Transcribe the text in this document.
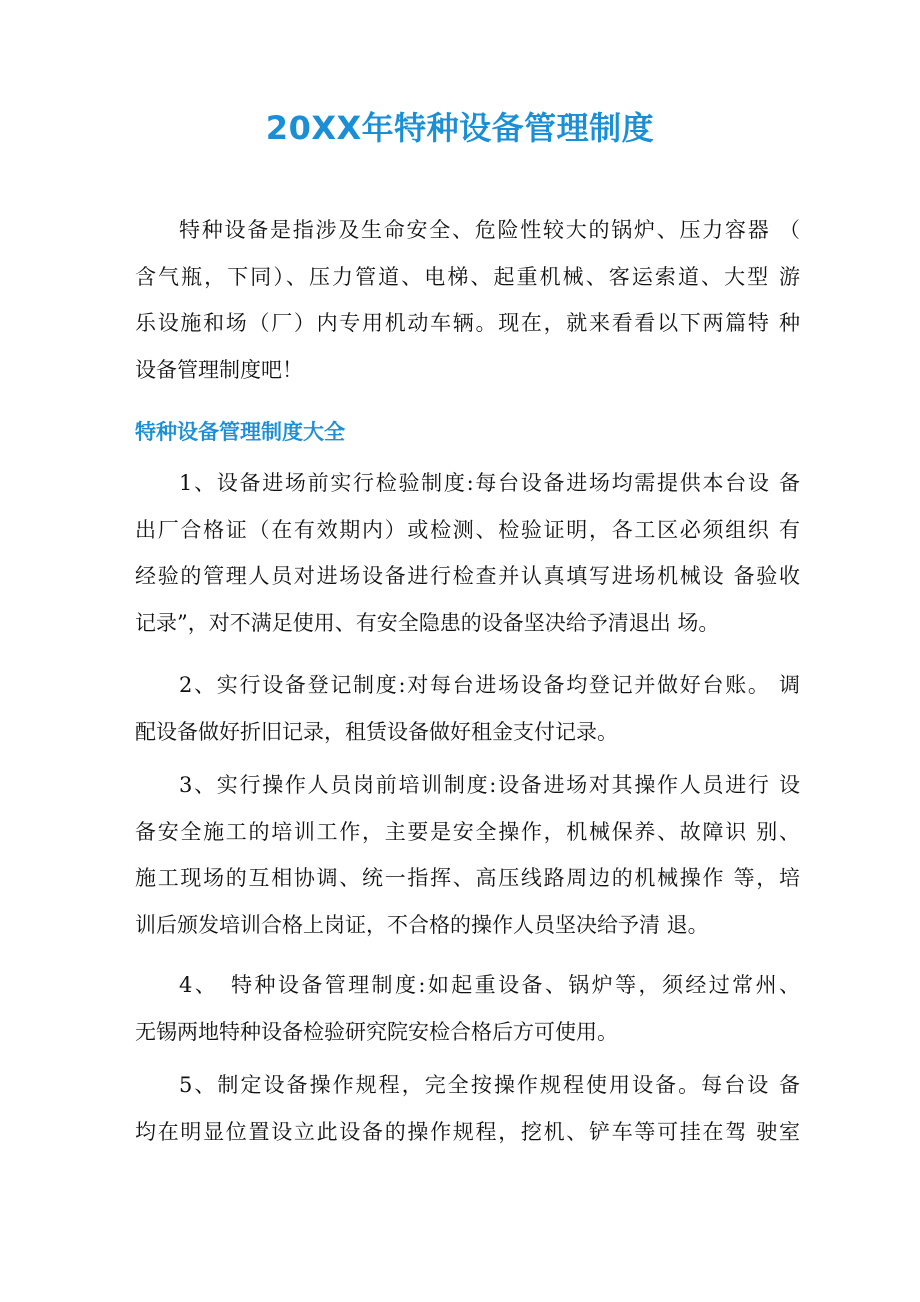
20XX年特种设备管理制度
特种设备是指涉及生命安全、危险性较大的锅炉、压力容器 （
含气瓶，下同）、压力管道、电梯、起重机械、客运索道、大型 游
乐设施和场（厂）内专用机动车辆。现在，就来看看以下两篇特 种
设备管理制度吧！
特种设备管理制度大全
1、设备进场前实行检验制度:每台设备进场均需提供本台设 备
出厂合格证（在有效期内）或检测、检验证明，各工区必须组织 有
经验的管理人员对进场设备进行检查并认真填写进场机械设 备验收
记录”，对不满足使用、有安全隐患的设备坚决给予清退出 场。
2、实行设备登记制度:对每台进场设备均登记并做好台账。 调
配设备做好折旧记录，租赁设备做好租金支付记录。
3、实行操作人员岗前培训制度:设备进场对其操作人员进行 设
备安全施工的培训工作，主要是安全操作，机械保养、故障识 别、
施工现场的互相协调、统一指挥、高压线路周边的机械操作 等，培
训后颁发培训合格上岗证，不合格的操作人员坚决给予清 退。
4、　特种设备管理制度:如起重设备、锅炉等，须经过常州、
无锡两地特种设备检验研究院安检合格后方可使用。
5、制定设备操作规程，完全按操作规程使用设备。每台设 备
均在明显位置设立此设备的操作规程，挖机、铲车等可挂在驾 驶室
